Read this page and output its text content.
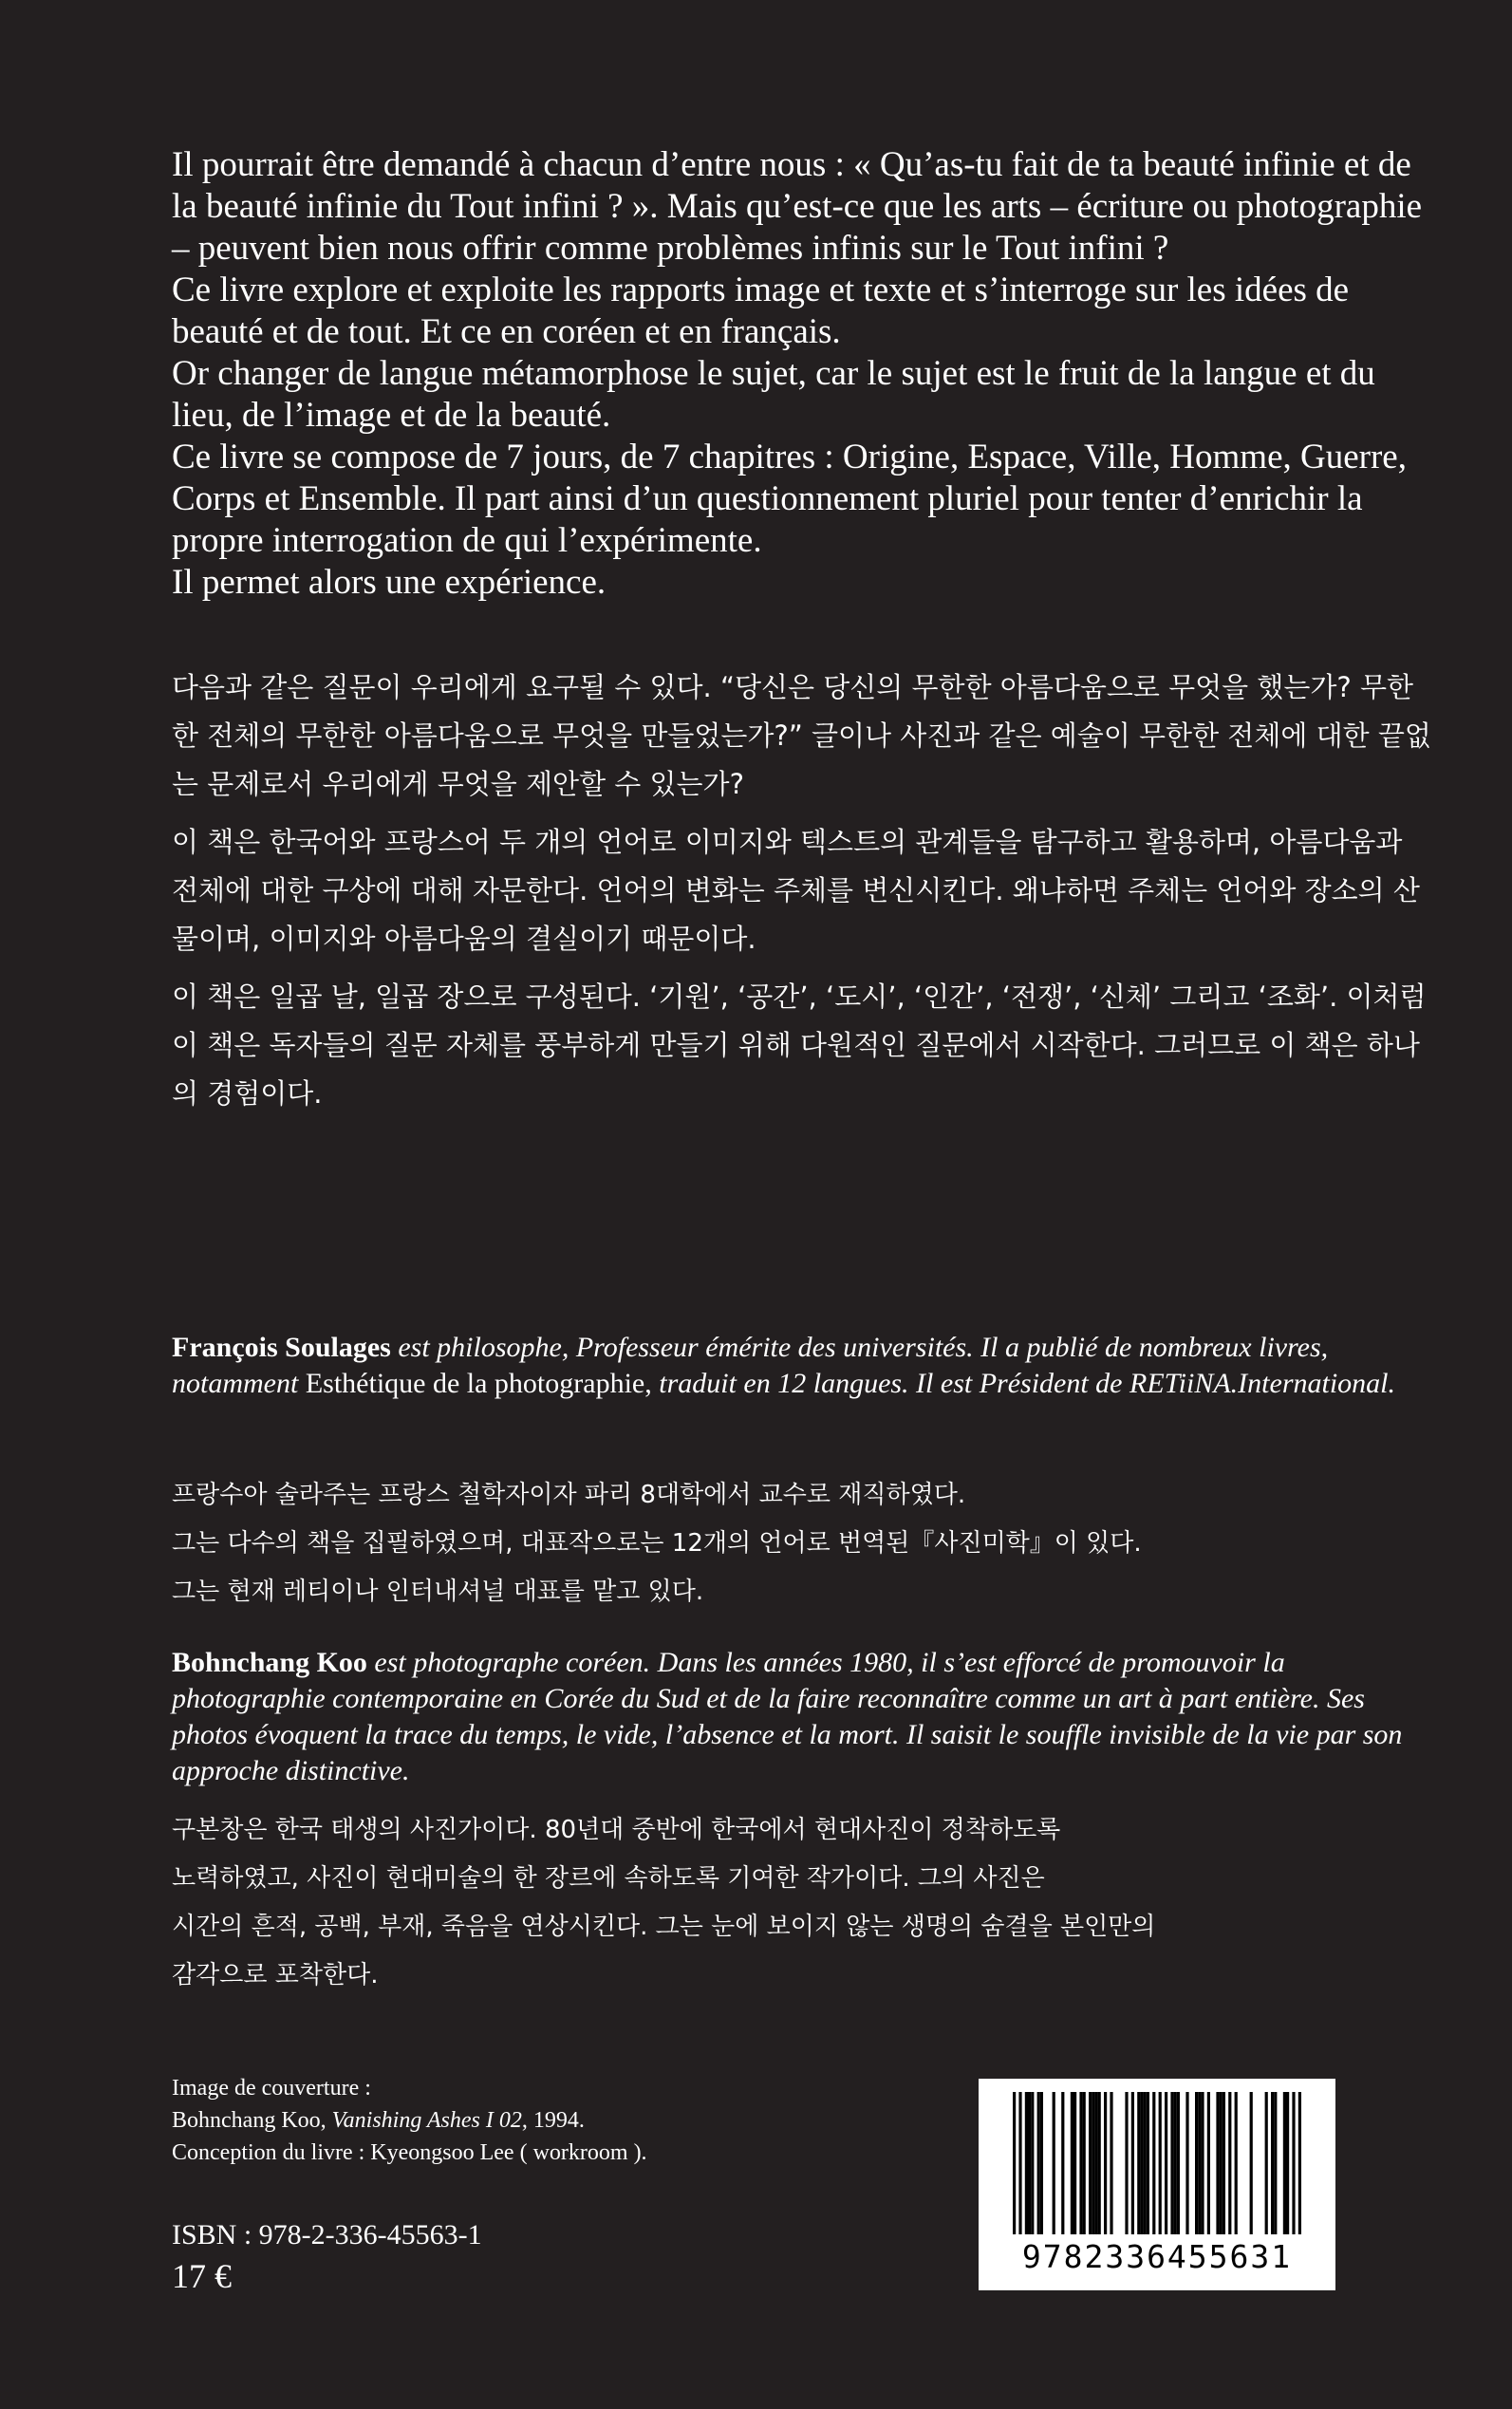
Il pourrait être demandé à chacun d’entre nous : « Qu’as-tu fait de ta beauté infinie et de la beauté infinie du Tout infini ? ». Mais qu’est-ce que les arts – écriture ou photographie – peuvent bien nous offrir comme problèmes infinis sur le Tout infini ?

Ce livre explore et exploite les rapports image et texte et s’interroge sur les idées de beauté et de tout. Et ce en coréen et en français.

Or changer de langue métamorphose le sujet, car le sujet est le fruit de la langue et du lieu, de l’image et de la beauté.

Ce livre se compose de 7 jours, de 7 chapitres : Origine, Espace, Ville, Homme, Guerre, Corps et Ensemble. Il part ainsi d’un questionnement pluriel pour tenter d’enrichir la propre interrogation de qui l’expérimente.

Il permet alors une expérience.

다음과 같은 질문이 우리에게 요구될 수 있다. “당신은 당신의 무한한 아름다움으로 무엇을 했는가? 무한한 전체의 무한한 아름다움으로 무엇을 만들었는가?” 글이나 사진과 같은 예술이 무한한 전체에 대한 끝없는 문제로서 우리에게 무엇을 제안할 수 있는가?

이 책은 한국어와 프랑스어 두 개의 언어로 이미지와 텍스트의 관계들을 탐구하고 활용하며, 아름다움과 전체에 대한 구상에 대해 자문한다. 언어의 변화는 주체를 변신시킨다. 왜냐하면 주체는 언어와 장소의 산물이며, 이미지와 아름다움의 결실이기 때문이다.

이 책은 일곱 날, 일곱 장으로 구성된다. ‘기원’, ‘공간’, ‘도시’, ‘인간’, ‘전쟁’, ‘신체’ 그리고 ‘조화’. 이처럼 이 책은 독자들의 질문 자체를 풍부하게 만들기 위해 다원적인 질문에서 시작한다. 그러므로 이 책은 하나의 경험이다.

François Soulages est philosophe, Professeur émérite des universités. Il a publié de nombreux livres, notamment Esthétique de la photographie, traduit en 12 langues. Il est Président de RETiiNA.International.

프랑수아 술라주는 프랑스 철학자이자 파리 8대학에서 교수로 재직하였다.

그는 다수의 책을 집필하였으며, 대표작으로는 12개의 언어로 번역된『사진미학』이 있다.

그는 현재 레티이나 인터내셔널 대표를 맡고 있다.

Bohnchang Koo est photographe coréen. Dans les années 1980, il s’est efforcé de promouvoir la photographie contemporaine en Corée du Sud et de la faire reconnaître comme un art à part entière. Ses photos évoquent la trace du temps, le vide, l’absence et la mort. Il saisit le souffle invisible de la vie par son approche distinctive.

구본창은 한국 태생의 사진가이다. 80년대 중반에 한국에서 현대사진이 정착하도록

노력하였고, 사진이 현대미술의 한 장르에 속하도록 기여한 작가이다. 그의 사진은

시간의 흔적, 공백, 부재, 죽음을 연상시킨다. 그는 눈에 보이지 않는 생명의 숨결을 본인만의

감각으로 포착한다.

Image de couverture :

Bohnchang Koo, Vanishing Ashes I 02, 1994.

Conception du livre : Kyeongsoo Lee ( workroom ).

ISBN : 978-2-336-45563-1
17 €
9782336455631
